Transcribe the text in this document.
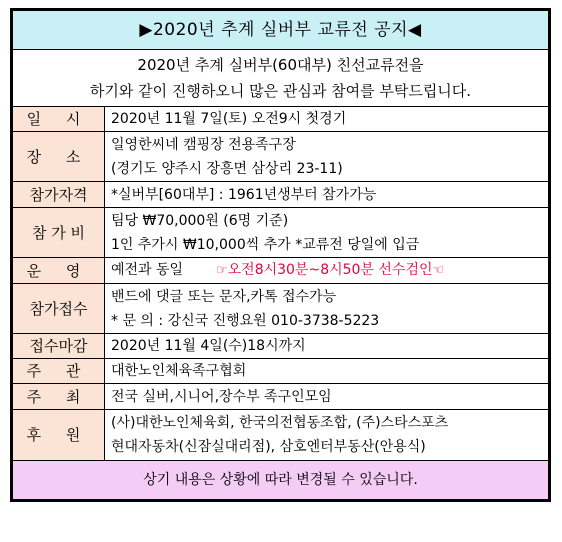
▶2020년 추계 실버부 교류전 공지◀	

2020년 추계 실버부(60대부) 친선교류전을
하기와 같이 진행하오니 많은 관심과 참여를 부탁드립니다.	

일 시	2020년 11월 7일(토) 오전9시 첫경기
장 소	일영한씨네 캠핑장 전용족구장
(경기도 양주시 장흥면 삼상리 23-11)

참가자격	*실버부[60대부] : 1961년생부터 참가가능
참 가 비	팀당 ₩70,000원 (6명 기준)
1인 추가시 ₩10,000씩 추가 *교류전 당일에 입금

운 영	예전과 동일 ☞오전8시30분~8시50분 선수검인☜
참가접수	밴드에 댓글 또는 문자,카톡 접수가능
* 문 의 : 강신국 진행요원 010-3738-5223

접수마감	2020년 11월 4일(수)18시까지
주 관	대한노인체육족구협회
주 최	전국 실버,시니어,장수부 족구인모임
후 원	(사)대한노인체육회, 한국의전협동조합, (주)스타스포츠
현대자동차(신잠실대리점), 삼호엔터부동산(안용식)

상기 내용은 상황에 따라 변경될 수 있습니다.	
